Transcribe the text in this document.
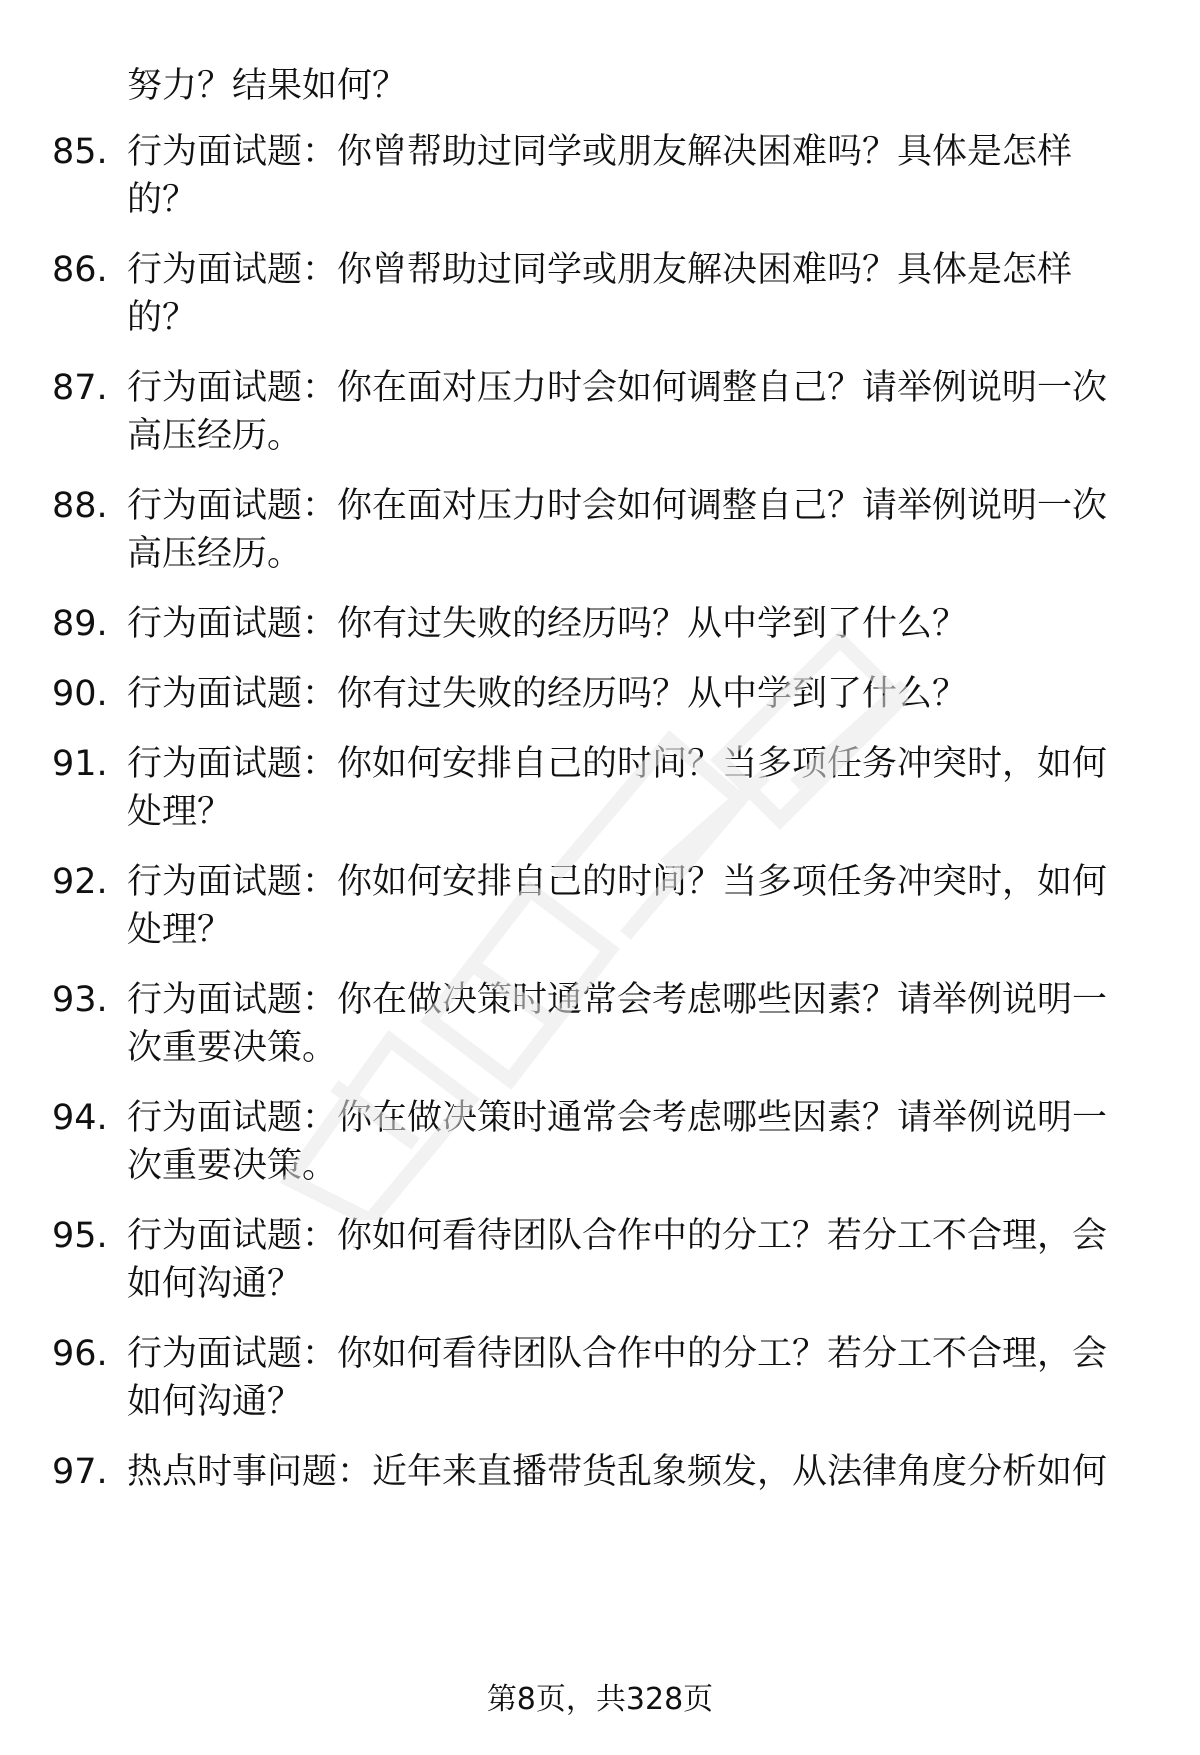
努力？结果如何？
85. 行为面试题：你曾帮助过同学或朋友解决困难吗？具体是怎样
的？
86. 行为面试题：你曾帮助过同学或朋友解决困难吗？具体是怎样
的？
87. 行为面试题：你在面对压力时会如何调整自己？请举例说明一次
高压经历。
88. 行为面试题：你在面对压力时会如何调整自己？请举例说明一次
高压经历。
89. 行为面试题：你有过失败的经历吗？从中学到了什么？
90. 行为面试题：你有过失败的经历吗？从中学到了什么？
91. 行为面试题：你如何安排自己的时间？当多项任务冲突时，如何
处理？
92. 行为面试题：你如何安排自己的时间？当多项任务冲突时，如何
处理？
93. 行为面试题：你在做决策时通常会考虑哪些因素？请举例说明一
次重要决策。
94. 行为面试题：你在做决策时通常会考虑哪些因素？请举例说明一
次重要决策。
95. 行为面试题：你如何看待团队合作中的分工？若分工不合理，会
如何沟通？
96. 行为面试题：你如何看待团队合作中的分工？若分工不合理，会
如何沟通？
97. 热点时事问题：近年来直播带货乱象频发，从法律角度分析如何
第8页，共328页
